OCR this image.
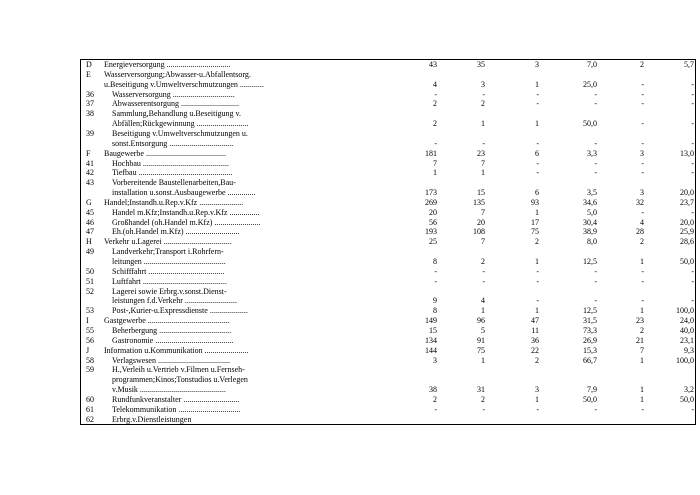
D Energieversorgung ................................	43	35	3	7,0	2	5,7
E Wasserversorgung;Abwasser-u.Abfallentsorg.
u.Beseitigung v.Umweltverschmutzungen ............	4	3	1	25,0	-	-
36 Wasserversorgung ...............................	-	-	-	-	-	-
37 Abwasserentsorgung .............................	2	2	-	-	-	-
38 Sammlung,Behandlung u.Beseitigung v.
Abfällen;Rückgewinnung ..........................	2	1	1	50,0	-	-
39 Beseitigung v.Umweltverschmutzungen u.
sonst.Entsorgung ................................	-	-	-	-	-	-
F Baugewerbe ........................................	181	23	6	3,3	3	13,0
41 Hochbau ...........................................	7	7	-	-	-	-
42 Tiefbau ...............................................	1	1	-	-	-	-
43 Vorbereitende Baustellenarbeiten,Bau-
installation u.sonst.Ausbaugewerbe ..............	173	15	6	3,5	3	20,0
G Handel;Instandh.u.Rep.v.Kfz ......................	269	135	93	34,6	32	23,7
45 Handel m.Kfz;Instandh.u.Rep.v.Kfz ...............	20	7	1	5,0	-	-
46 Großhandel (oh.Handel m.Kfz) .......................	56	20	17	30,4	4	20,0
47 Eh.(oh.Handel m.Kfz) ...........................	193	108	75	38,9	28	25,9
H Verkehr u.Lagerei ..................................	25	7	2	8,0	2	28,6
49 Landverkehr;Transport i.Rohrfern-
leitungen .........................................	8	2	1	12,5	1	50,0
50 Schifffahrt ......................................	-	-	-	-	-	-
51 Luftfahrt ..........................................	-	-	-	-	-	-
52 Lagerei sowie Erbrg.v.sonst.Dienst-
leistungen f.d.Verkehr ..........................	9	4	-	-	-	-
53 Post-,Kurier-u.Expressdienste ...................	8	1	1	12,5	1	100,0
I Gastgewerbe .........................................	149	96	47	31,5	23	24,0
55 Beherbergung ....................................	15	5	11	73,3	2	40,0
56 Gastronomie .......................................	134	91	36	26,9	21	23,1
J Information u.Kommunikation ......................	144	75	22	15,3	7	9,3
58 Verlagswesen ....................................	3	1	2	66,7	1	100,0
59 H.,Verleih u.Vertrieb v.Filmen u.Fernseh-
programmen;Kinos;Tonstudios u.Verlegen
v.Musik ...........................................	38	31	3	7,9	1	3,2
60 Rundfunkveranstalter ............................	2	2	1	50,0	1	50,0
61 Telekommunikation ...............................	-	-	-	-	-	-
62 Erbrg.v.Dienstleistungen
